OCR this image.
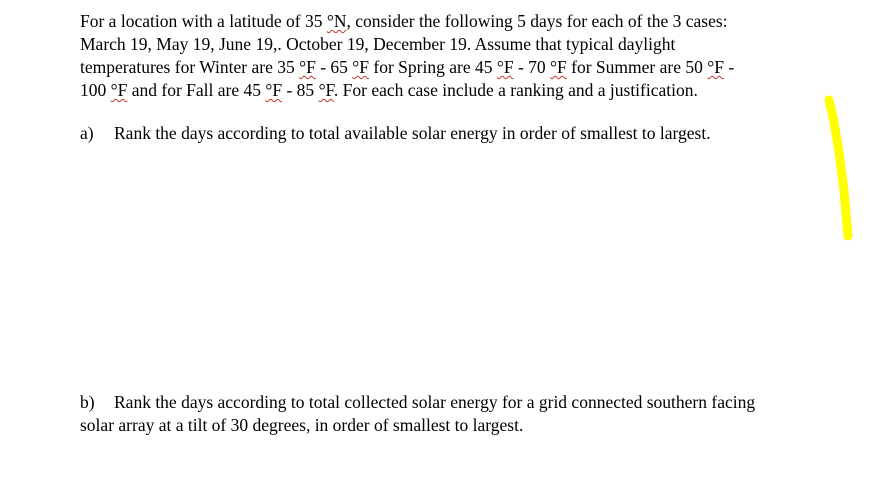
For a location with a latitude of 35 °N, consider the following 5 days for each of the 3 cases:
March 19, May 19, June 19,. October 19, December 19. Assume that typical daylight
temperatures for Winter are 35 °F - 65 °F for Spring are 45 °F - 70 °F for Summer are 50 °F -
100 °F and for Fall are 45 °F - 85 °F. For each case include a ranking and a justification.
a) Rank the days according to total available solar energy in order of smallest to largest.
b) Rank the days according to total collected solar energy for a grid connected southern facing
solar array at a tilt of 30 degrees, in order of smallest to largest.
